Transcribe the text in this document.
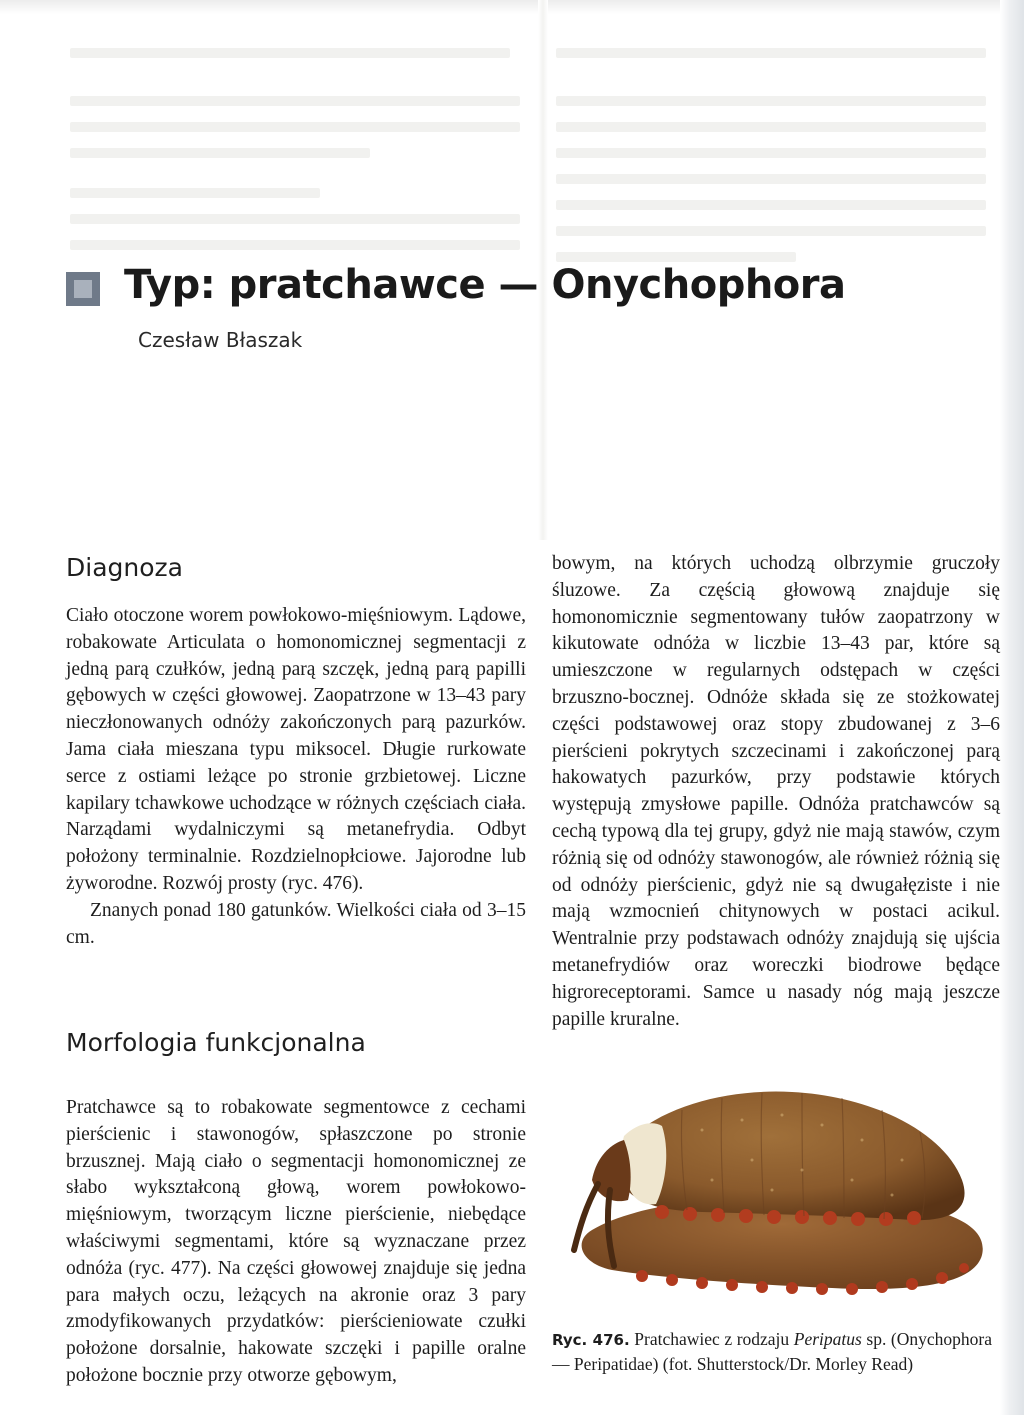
Typ: pratchawce — Onychophora

Czesław Błaszak

Diagnoza

Ciało otoczone worem powłokowo-mięśniowym. Lądowe, robakowate Articulata o homonomicznej segmentacji z jedną parą czułków, jedną parą szczęk, jedną parą papilli gębowych w części głowowej. Zaopatrzone w 13–43 pary nieczłonowanych odnóży zakończonych parą pazurków. Jama ciała mieszana typu miksocel. Długie rurkowate serce z ostiami leżące po stronie grzbietowej. Liczne kapilary tchawkowe uchodzące w różnych częściach ciała. Narządami wydalniczymi są metanefrydia. Odbyt położony terminalnie. Rozdzielnopłciowe. Jajorodne lub żyworodne. Rozwój prosty (ryc. 476).

Znanych ponad 180 gatunków. Wielkości ciała od 3–15 cm.

Morfologia funkcjonalna

Pratchawce są to robakowate segmentowce z cechami pierścienic i stawonogów, spłaszczone po stronie brzusznej. Mają ciało o segmentacji homonomicznej ze słabo wykształconą głową, worem powłokowo-mięśniowym, tworzącym liczne pierścienie, niebędące właściwymi segmentami, które są wyznaczane przez odnóża (ryc. 477). Na części głowowej znajduje się jedna para małych oczu, leżących na akronie oraz 3 pary zmodyfikowanych przydatków: pierścieniowate czułki położone dorsalnie, hakowate szczęki i papille oralne położone bocznie przy otworze gębowym,

bowym, na których uchodzą olbrzymie gruczoły śluzowe. Za częścią głowową znajduje się homonomicznie segmentowany tułów zaopatrzony w kikutowate odnóża w liczbie 13–43 par, które są umieszczone w regularnych odstępach w części brzuszno-bocznej. Odnóże składa się ze stożkowatej części podstawowej oraz stopy zbudowanej z 3–6 pierścieni pokrytych szczecinami i zakończonej parą hakowatych pazurków, przy podstawie których występują zmysłowe papille. Odnóża pratchawców są cechą typową dla tej grupy, gdyż nie mają stawów, czym różnią się od odnóży stawonogów, ale również różnią się od odnóży pierścienic, gdyż nie są dwugałęziste i nie mają wzmocnień chitynowych w postaci acikul. Wentralnie przy podstawach odnóży znajdują się ujścia metanefrydiów oraz woreczki biodrowe będące higroreceptorami. Samce u nasady nóg mają jeszcze papille kruralne.

Ryc. 476. Pratchawiec z rodzaju Peripatus sp. (Onychophora — Peripatidae) (fot. Shutterstock/Dr. Morley Read)
